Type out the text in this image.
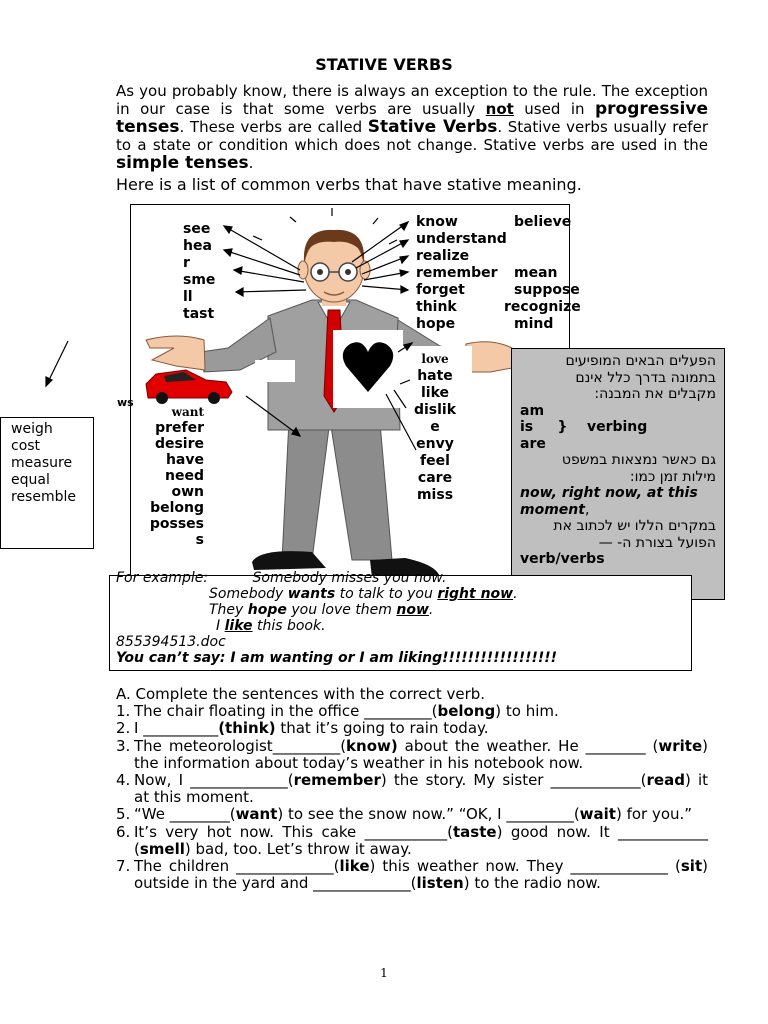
STATIVE VERBS
As you probably know, there is always an exception to the rule. The exception in our case is that some verbs are usually not used in progressive tenses. These verbs are called Stative Verbs. Stative verbs usually refer to a state or condition which does not change. Stative verbs are used in the simple tenses.
Here is a list of common verbs that have stative meaning.
see
hea
r
sme
ll
tast
know	believe
understand
realize
remember	mean
forget	suppose
think	recognize
hope	mind
love
hate
like
dislik
e
envy
feel
care
miss
want
prefer
desire
have
need
own
belong
posses
s
ws
weigh
cost
measure
equal
resemble
הפעלים הבאים המופיעים
בתמונה בדרך כלל אינם
מקבלים את המבנה:
am
is     }    verbing
are
גם כאשר נמצאות במשפט
מילות זמן כמו:
now, right now, at this moment,
במקרים הללו יש לכתוב את
הפועל בצורת ה- —
verb/verbs
For example:          Somebody misses you now.
Somebody wants to talk to you right now.
They hope you love them now.
I like this book.
855394513.doc
You can’t say: I am wanting or I am liking!!!!!!!!!!!!!!!!!!
A. Complete the sentences with the correct verb.
1. The chair floating in the office _________(belong) to him.
2. I __________(think) that it’s going to rain today.
3. The meteorologist_________(know) about the weather. He ________ (write) the information about today’s weather in his notebook now.
4. Now, I _____________(remember) the story. My sister ____________(read) it at this moment.
5. “We ________(want) to see the snow now.” “OK, I _________(wait) for you.”
6. It’s very hot now. This cake ___________(taste) good now. It ____________ (smell) bad, too. Let’s throw it away.
7. The children _____________(like) this weather now. They _____________ (sit) outside in the yard and _____________(listen) to the radio now.
1
